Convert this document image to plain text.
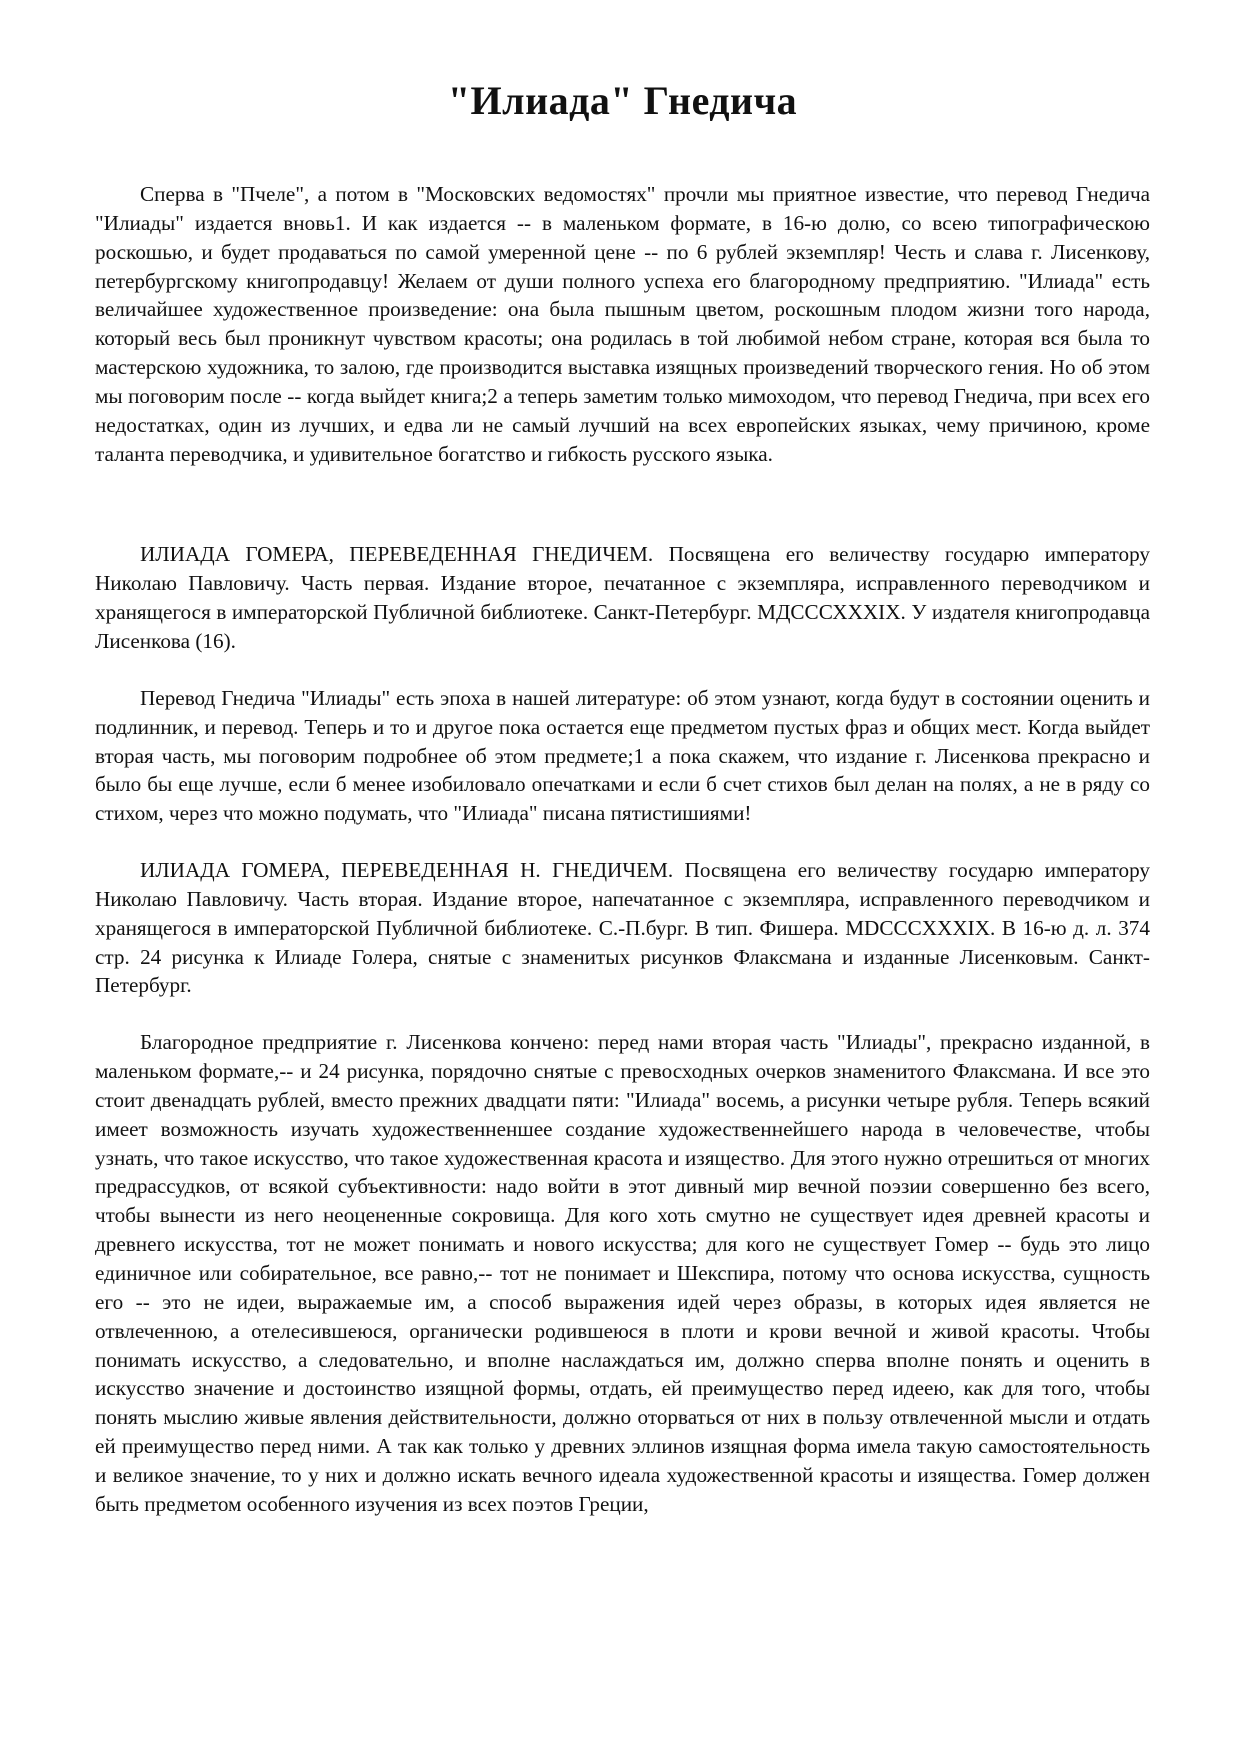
"Илиада" Гнедича

Сперва в "Пчеле", а потом в "Московских ведомостях" прочли мы приятное известие, что перевод Гнедича "Илиады" издается вновь1. И как издается -- в маленьком формате, в 16-ю долю, со всею типографическою роскошью, и будет продаваться по самой умеренной цене -- по 6 рублей экземпляр! Честь и слава г. Лисенкову, петербургскому книгопродавцу! Желаем от души полного успеха его благородному предприятию. "Илиада" есть величайшее художественное произведение: она была пышным цветом, роскошным плодом жизни того народа, который весь был проникнут чувством красоты; она родилась в той любимой небом стране, которая вся была то мастерскою художника, то залою, где производится выставка изящных произведений творческого гения. Но об этом мы поговорим после -- когда выйдет книга;2 а теперь заметим только мимоходом, что перевод Гнедича, при всех его недостатках, один из лучших, и едва ли не самый лучший на всех европейских языках, чему причиною, кроме таланта переводчика, и удивительное богатство и гибкость русского языка.

ИЛИАДА ГОМЕРА, ПЕРЕВЕДЕННАЯ ГНЕДИЧЕМ. Посвящена его величеству государю императору Николаю Павловичу. Часть первая. Издание второе, печатанное с экземпляра, исправленного переводчиком и хранящегося в императорской Публичной библиотеке. Санкт-Петербург. МДСССХХХIХ. У издателя книгопродавца Лисенкова (16).

Перевод Гнедича "Илиады" есть эпоха в нашей литературе: об этом узнают, когда будут в состоянии оценить и подлинник, и перевод. Теперь и то и другое пока остается еще предметом пустых фраз и общих мест. Когда выйдет вторая часть, мы поговорим подробнее об этом предмете;1 а пока скажем, что издание г. Лисенкова прекрасно и было бы еще лучше, если б менее изобиловало опечатками и если б счет стихов был делан на полях, а не в ряду со стихом, через что можно подумать, что "Илиада" писана пятистишиями!

ИЛИАДА ГОМЕРА, ПЕРЕВЕДЕННАЯ Н. ГНЕДИЧЕМ. Посвящена его величеству государю императору Николаю Павловичу. Часть вторая. Издание второе, напечатанное с экземпляра, исправленного переводчиком и хранящегося в императорской Публичной библиотеке. С.-П.бург. В тип. Фишера. MDCCCXXXIX. В 16-ю д. л. 374 стр. 24 рисунка к Илиаде Голера, снятые с знаменитых рисунков Флаксмана и изданные Лисенковым. Санкт-Петербург.

Благородное предприятие г. Лисенкова кончено: перед нами вторая часть "Илиады", прекрасно изданной, в маленьком формате,-- и 24 рисунка, порядочно снятые с превосходных очерков знаменитого Флаксмана. И все это стоит двенадцать рублей, вместо прежних двадцати пяти: "Илиада" восемь, а рисунки четыре рубля. Теперь всякий имеет возможность изучать художественненшее создание художественнейшего народа в человечестве, чтобы узнать, что такое искусство, что такое художественная красота и изящество. Для этого нужно отрешиться от многих предрассудков, от всякой субъективности: надо войти в этот дивный мир вечной поэзии совершенно без всего, чтобы вынести из него неоцененные сокровища. Для кого хоть смутно не существует идея древней красоты и древнего искусства, тот не может понимать и нового искусства; для кого не существует Гомер -- будь это лицо единичное или собирательное, все равно,-- тот не понимает и Шекспира, потому что основа искусства, сущность его -- это не идеи, выражаемые им, а способ выражения идей через образы, в которых идея является не отвлеченною, а отелесившеюся, органически родившеюся в плоти и крови вечной и живой красоты. Чтобы понимать искусство, а следовательно, и вполне наслаждаться им, должно сперва вполне понять и оценить в искусство значение и достоинство изящной формы, отдать, ей преимущество перед идеею, как для того, чтобы понять мыслию живые явления действительности, должно оторваться от них в пользу отвлеченной мысли и отдать ей преимущество перед ними. А так как только у древних эллинов изящная форма имела такую самостоятельность и великое значение, то у них и должно искать вечного идеала художественной красоты и изящества. Гомер должен быть предметом особенного изучения из всех поэтов Греции,
